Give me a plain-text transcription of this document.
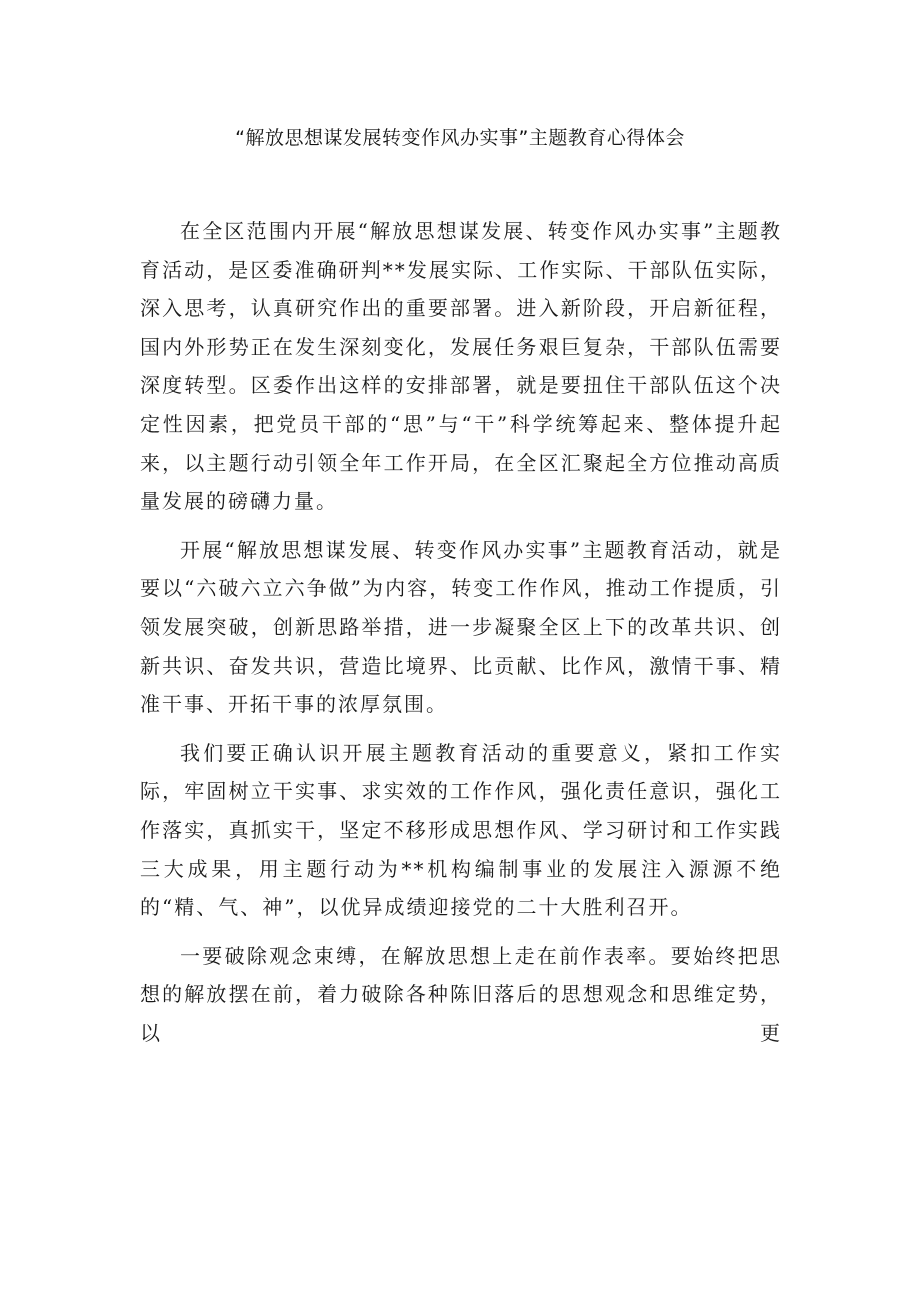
“解放思想谋发展转变作风办实事”主题教育心得体会

在全区范围内开展“解放思想谋发展、转变作风办实事”主题教育活动，是区委准确研判**发展实际、工作实际、干部队伍实际，深入思考，认真研究作出的重要部署。进入新阶段，开启新征程，国内外形势正在发生深刻变化，发展任务艰巨复杂，干部队伍需要深度转型。区委作出这样的安排部署，就是要扭住干部队伍这个决定性因素，把党员干部的“思”与“干”科学统筹起来、整体提升起来，以主题行动引领全年工作开局，在全区汇聚起全方位推动高质量发展的磅礴力量。

开展“解放思想谋发展、转变作风办实事”主题教育活动，就是要以“六破六立六争做”为内容，转变工作作风，推动工作提质，引领发展突破，创新思路举措，进一步凝聚全区上下的改革共识、创新共识、奋发共识，营造比境界、比贡献、比作风，激情干事、精准干事、开拓干事的浓厚氛围。

我们要正确认识开展主题教育活动的重要意义，紧扣工作实际，牢固树立干实事、求实效的工作作风，强化责任意识，强化工作落实，真抓实干，坚定不移形成思想作风、学习研讨和工作实践三大成果，用主题行动为**机构编制事业的发展注入源源不绝的“精、气、神”，以优异成绩迎接党的二十大胜利召开。

一要破除观念束缚，在解放思想上走在前作表率。要始终把思想的解放摆在前，着力破除各种陈旧落后的思想观念和思维定势，以更
